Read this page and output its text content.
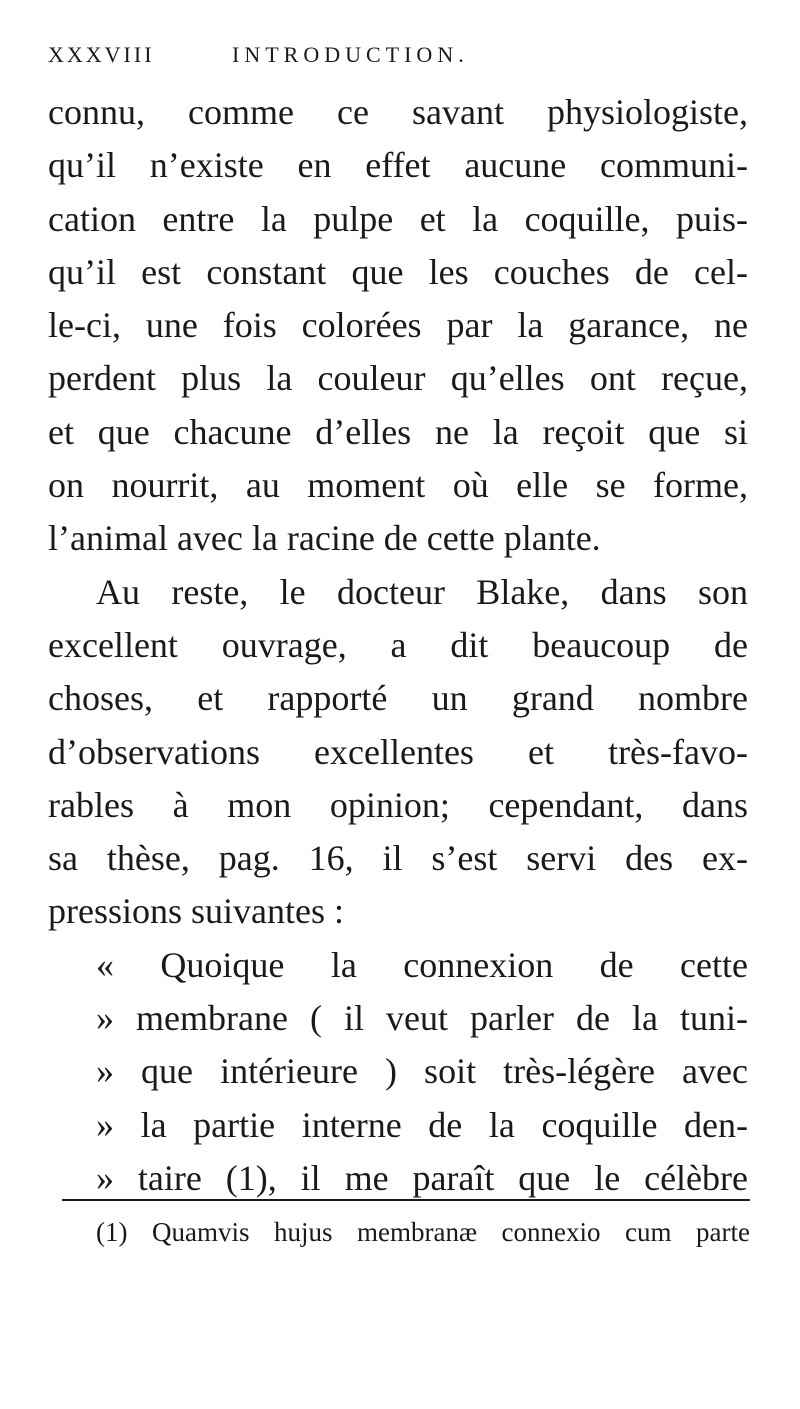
XXXVIII	INTRODUCTION.
connu, comme ce savant physiologiste,
qu’il n’existe en effet aucune communi-
cation entre la pulpe et la coquille, puis-
qu’il est constant que les couches de cel-
le-ci, une fois colorées par la garance, ne
perdent plus la couleur qu’elles ont reçue,
et que chacune d’elles ne la reçoit que si
on nourrit, au moment où elle se forme,
l’animal avec la racine de cette plante.
Au reste, le docteur Blake, dans son
excellent ouvrage, a dit beaucoup de
choses, et rapporté un grand nombre
d’observations excellentes et très-favo-
rables à mon opinion; cependant, dans
sa thèse, pag. 16, il s’est servi des ex-
pressions suivantes :
« Quoique la connexion de cette
» membrane ( il veut parler de la tuni-
» que intérieure ) soit très-légère avec
» la partie interne de la coquille den-
» taire (1), il me paraît que le célèbre
(1) Quamvis hujus membranæ connexio cum parte
